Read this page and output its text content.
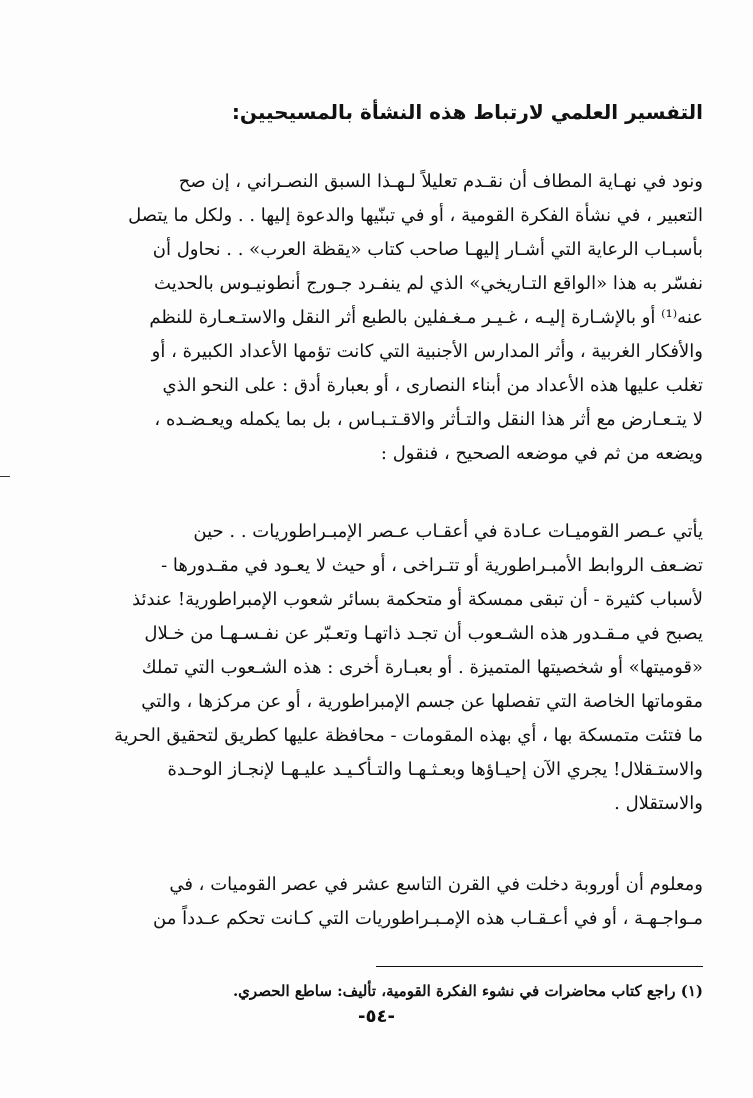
التفسير العلمي لارتباط هذه النشأة بالمسيحيين:
ونود في نهـاية المطاف أن نقـدم تعليلاً لـهـذا السبق النصـراني ، إن صح
التعبير ، في نشأة الفكرة القومية ، أو في تبنّيها والدعوة إليها . . ولكل ما يتصل
بأسبـاب الرعاية التي أشـار إليهـا صاحب كتاب «يقظة العرب» . . نحاول أن
نفسّر به هذا «الواقع التـاريخي» الذي لم ينفـرد جـورج أنطونيـوس بالحديث
عنه⁽¹⁾ أو بالإشـارة إليـه ، غـيـر مـغـفلين بالطبع أثر النقل والاستـعـارة للنظم
والأفكار الغربية ، وأثر المدارس الأجنبية التي كانت تؤمها الأعداد الكبيرة ، أو
تغلب عليها هذه الأعداد من أبناء النصارى ، أو بعبارة أدق : على النحو الذي
لا يتـعـارض مع أثر هذا النقل والتـأثر والاقـتـبـاس ، بل بما يكمله ويعـضـده ،
ويضعه من ثم في موضعه الصحيح ، فنقول :
يأتي عـصر القوميـات عـادة في أعقـاب عـصر الإمبـراطوريات . . حين
تضـعف الروابط الأمبـراطورية أو تتـراخى ، أو حيث لا يعـود في مقـدورها -
لأسباب كثيرة - أن تبقى ممسكة أو متحكمة بسائر شعوب الإمبراطورية! عندئذ
يصبح في مـقـدور هذه الشـعوب أن تجـد ذاتهـا وتعـبّر عن نفـسـهـا من خـلال
«قوميتها» أو شخصيتها المتميزة . أو بعبـارة أخرى : هذه الشـعوب التي تملك
مقوماتها الخاصة التي تفصلها عن جسم الإمبراطورية ، أو عن مركزها ، والتي
ما فتئت متمسكة بها ، أي بهذه المقومات - محافظة عليها كطريق لتحقيق الحرية
والاستـقلال! يجري الآن إحيـاؤها وبعـثـهـا والتـأكـيـد عليـهـا لإنجـاز الوحـدة
والاستقلال .
ومعلوم أن أوروبة دخلت في القرن التاسع عشر في عصر القوميات ، في
مـواجـهـة ، أو في أعـقـاب هذه الإمـبـراطوريات التي كـانت تحكم عـدداً من
(١) راجع كتاب محاضرات في نشوء الفكرة القومية، تأليف: ساطع الحصري.
-٥٤-
